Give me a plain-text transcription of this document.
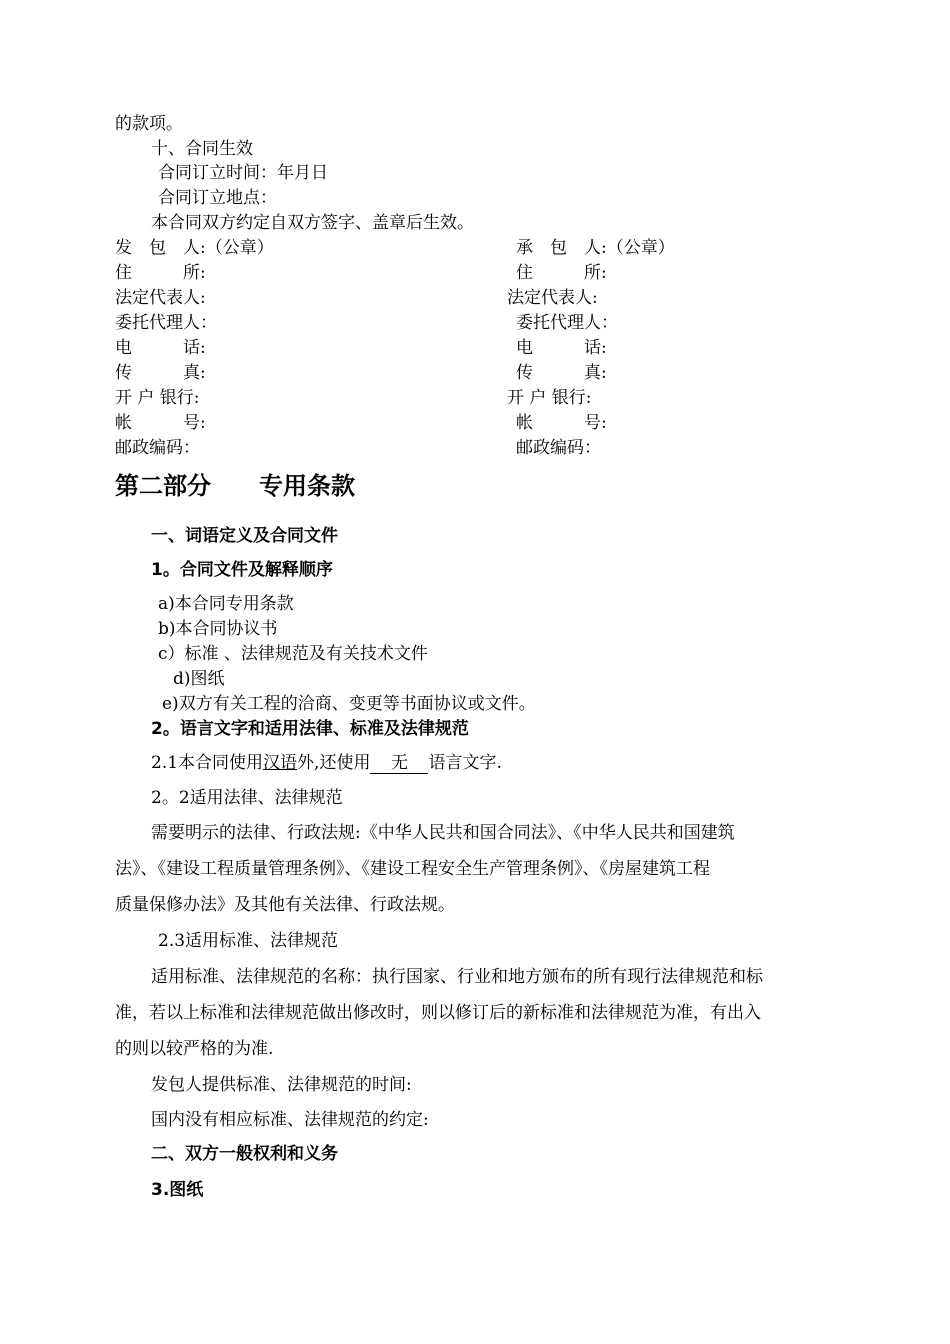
的款项。
十、合同生效
合同订立时间：年月日
合同订立地点：
本合同双方约定自双方签字、盖章后生效。
发　包　人:（公章）
住　　　所:
法定代表人:
委托代理人：
电　　　话:
传　　　真:
开 户 银行:
帐　　　号:
邮政编码：
承　包　人:（公章）
住　　　所:
法定代表人:
委托代理人：
电　　　话:
传　　　真:
开 户 银行:
帐　　　号:
邮政编码：
第二部分　　专用条款
一、词语定义及合同文件
1。合同文件及解释顺序
a)本合同专用条款
b)本合同协议书
c）标准 、法律规范及有关技术文件
d)图纸
e)双方有关工程的洽商、变更等书面协议或文件。
2。语言文字和适用法律、标准及法律规范
2.1本合同使用汉语外,还使用 无 语言文字.
2。2适用法律、法律规范
需要明示的法律、行政法规:《中华人民共和国合同法》、《中华人民共和国建筑
法》、《建设工程质量管理条例》、《建设工程安全生产管理条例》、《房屋建筑工程
质量保修办法》及其他有关法律、行政法规。
2.3适用标准、法律规范
适用标准、法律规范的名称：执行国家、行业和地方颁布的所有现行法律规范和标
准，若以上标准和法律规范做出修改时，则以修订后的新标准和法律规范为准，有出入
的则以较严格的为准.
发包人提供标准、法律规范的时间:
国内没有相应标准、法律规范的约定:
二、双方一般权利和义务
3.图纸
